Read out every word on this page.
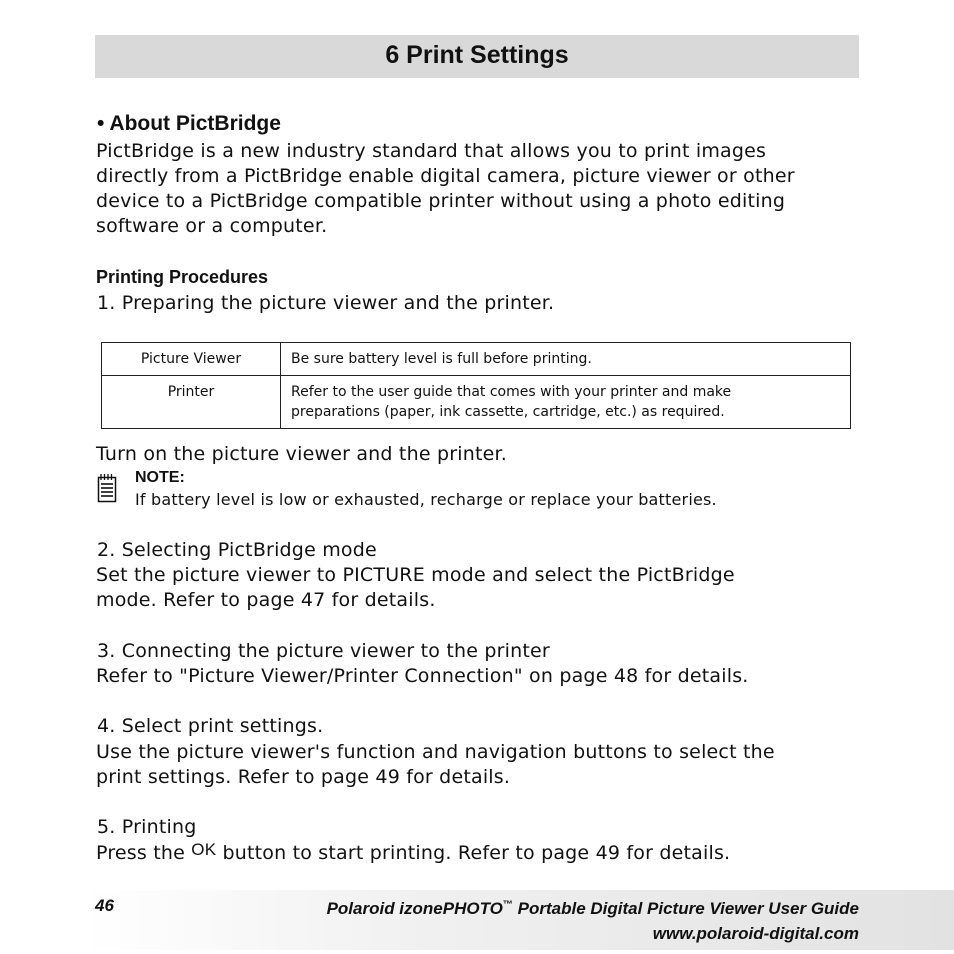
6 Print Settings
• About PictBridge
PictBridge is a new industry standard that allows you to print images
directly from a PictBridge enable digital camera, picture viewer or other
device to a PictBridge compatible printer without using a photo editing
software or a computer.
Printing Procedures
1. Preparing the picture viewer and the printer.
Picture Viewer	Be sure battery level is full before printing.

Printer	Refer to the user guide that comes with your printer and make
preparations (paper, ink cassette, cartridge, etc.) as required.
Turn on the picture viewer and the printer.
NOTE:
If battery level is low or exhausted, recharge or replace your batteries.
2. Selecting PictBridge mode
Set the picture viewer to PICTURE mode and select the PictBridge
mode. Refer to page 47 for details.
3. Connecting the picture viewer to the printer
Refer to "Picture Viewer/Printer Connection" on page 48 for details.
4. Select print settings.
Use the picture viewer's function and navigation buttons to select the
print settings. Refer to page 49 for details.
5. Printing
Press the OK button to start printing. Refer to page 49 for details.
46	Polaroid izonePHOTO™ Portable Digital Picture Viewer User Guide
www.polaroid-digital.com
